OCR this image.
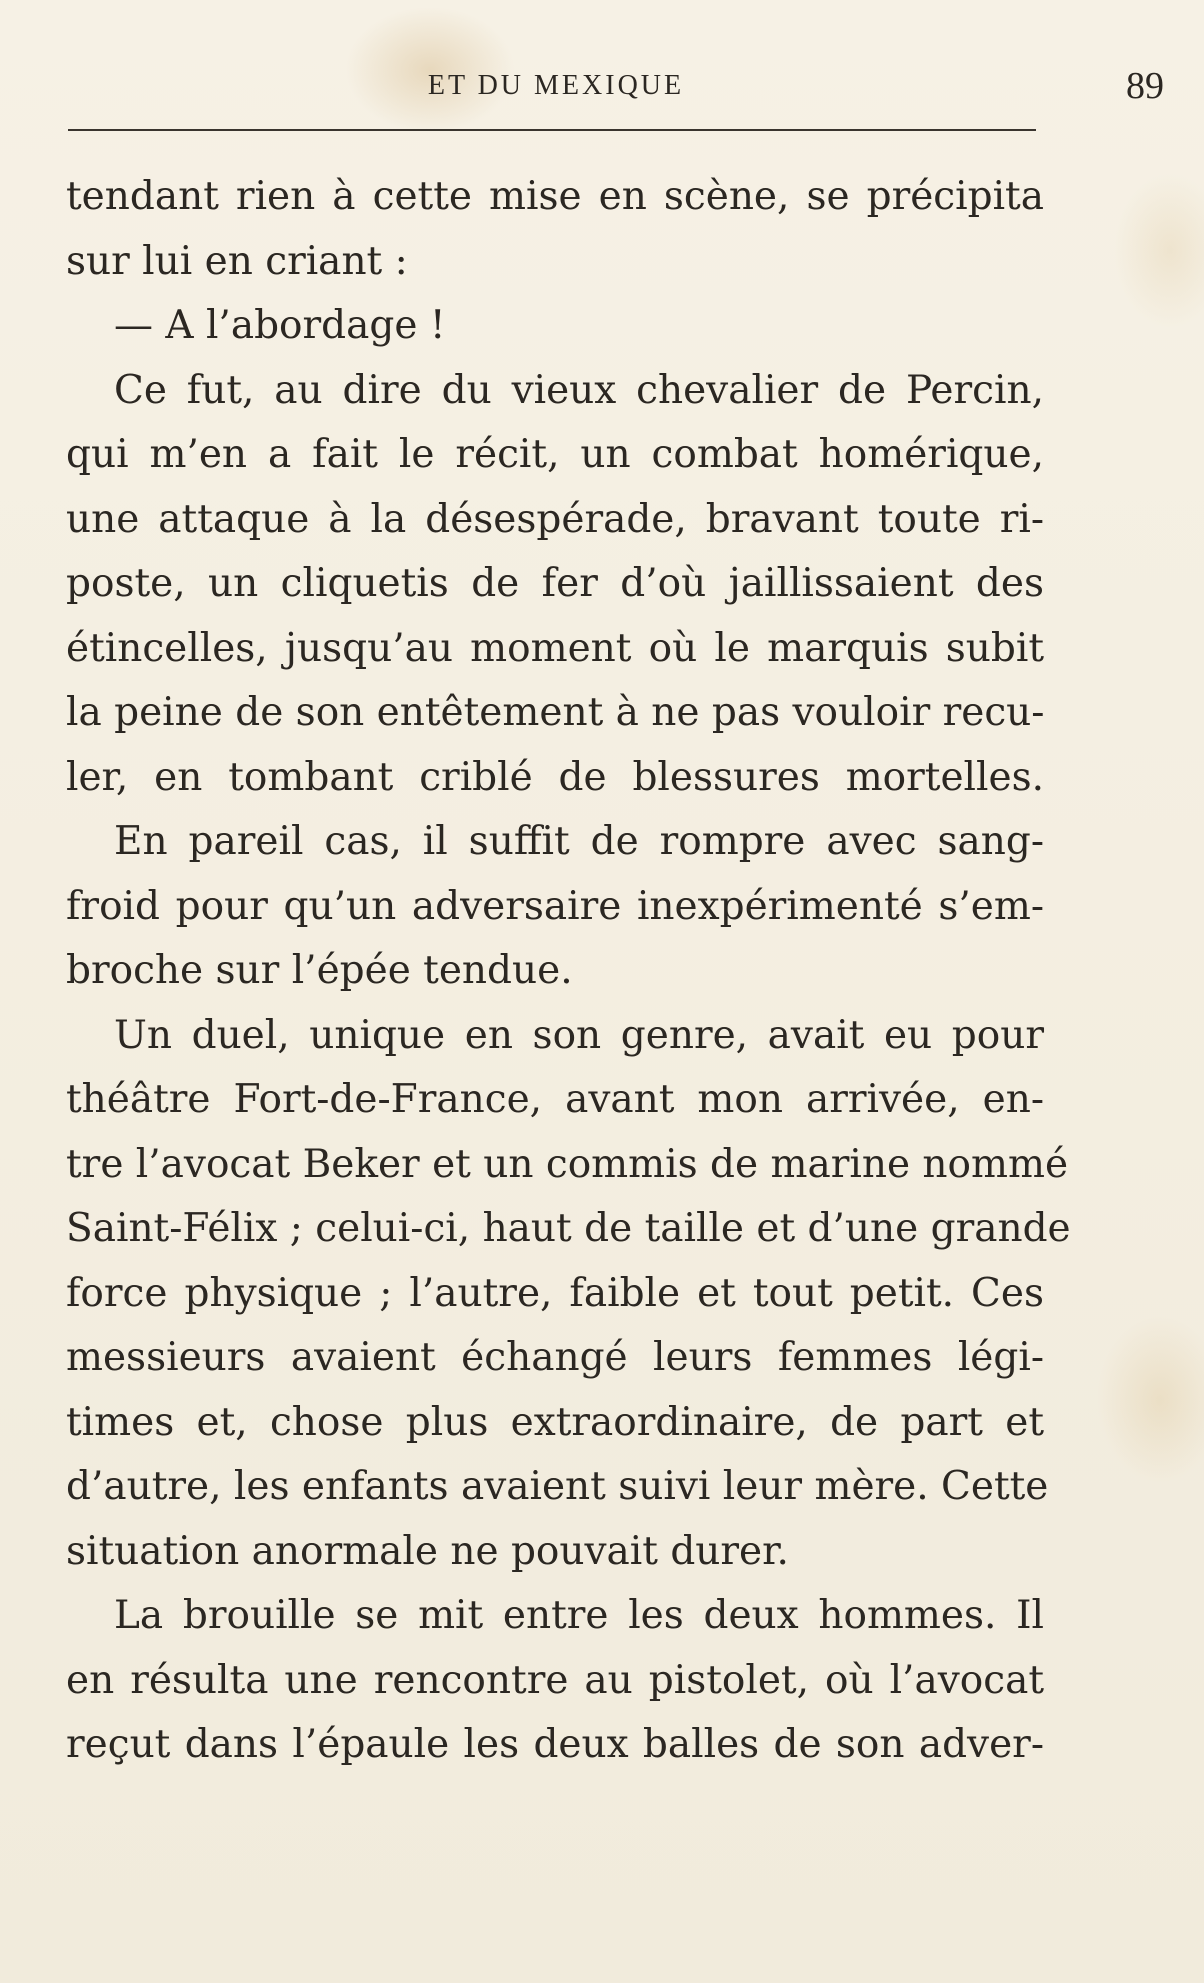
ET DU MEXIQUE	89
tendant rien à cette mise en scène, se précipita
sur lui en criant :
— A l’abordage !
Ce fut, au dire du vieux chevalier de Percin,
qui m’en a fait le récit, un combat homérique,
une attaque à la désespérade, bravant toute ri-
poste, un cliquetis de fer d’où jaillissaient des
étincelles, jusqu’au moment où le marquis subit
la peine de son entêtement à ne pas vouloir recu-
ler, en tombant criblé de blessures mortelles.
En pareil cas, il suffit de rompre avec sang-
froid pour qu’un adversaire inexpérimenté s’em-
broche sur l’épée tendue.
Un duel, unique en son genre, avait eu pour
théâtre Fort-de-France, avant mon arrivée, en-
tre l’avocat Beker et un commis de marine nommé
Saint-Félix ; celui-ci, haut de taille et d’une grande
force physique ; l’autre, faible et tout petit. Ces
messieurs avaient échangé leurs femmes légi-
times et, chose plus extraordinaire, de part et
d’autre, les enfants avaient suivi leur mère. Cette
situation anormale ne pouvait durer.
La brouille se mit entre les deux hommes. Il
en résulta une rencontre au pistolet, où l’avocat
reçut dans l’épaule les deux balles de son adver-
